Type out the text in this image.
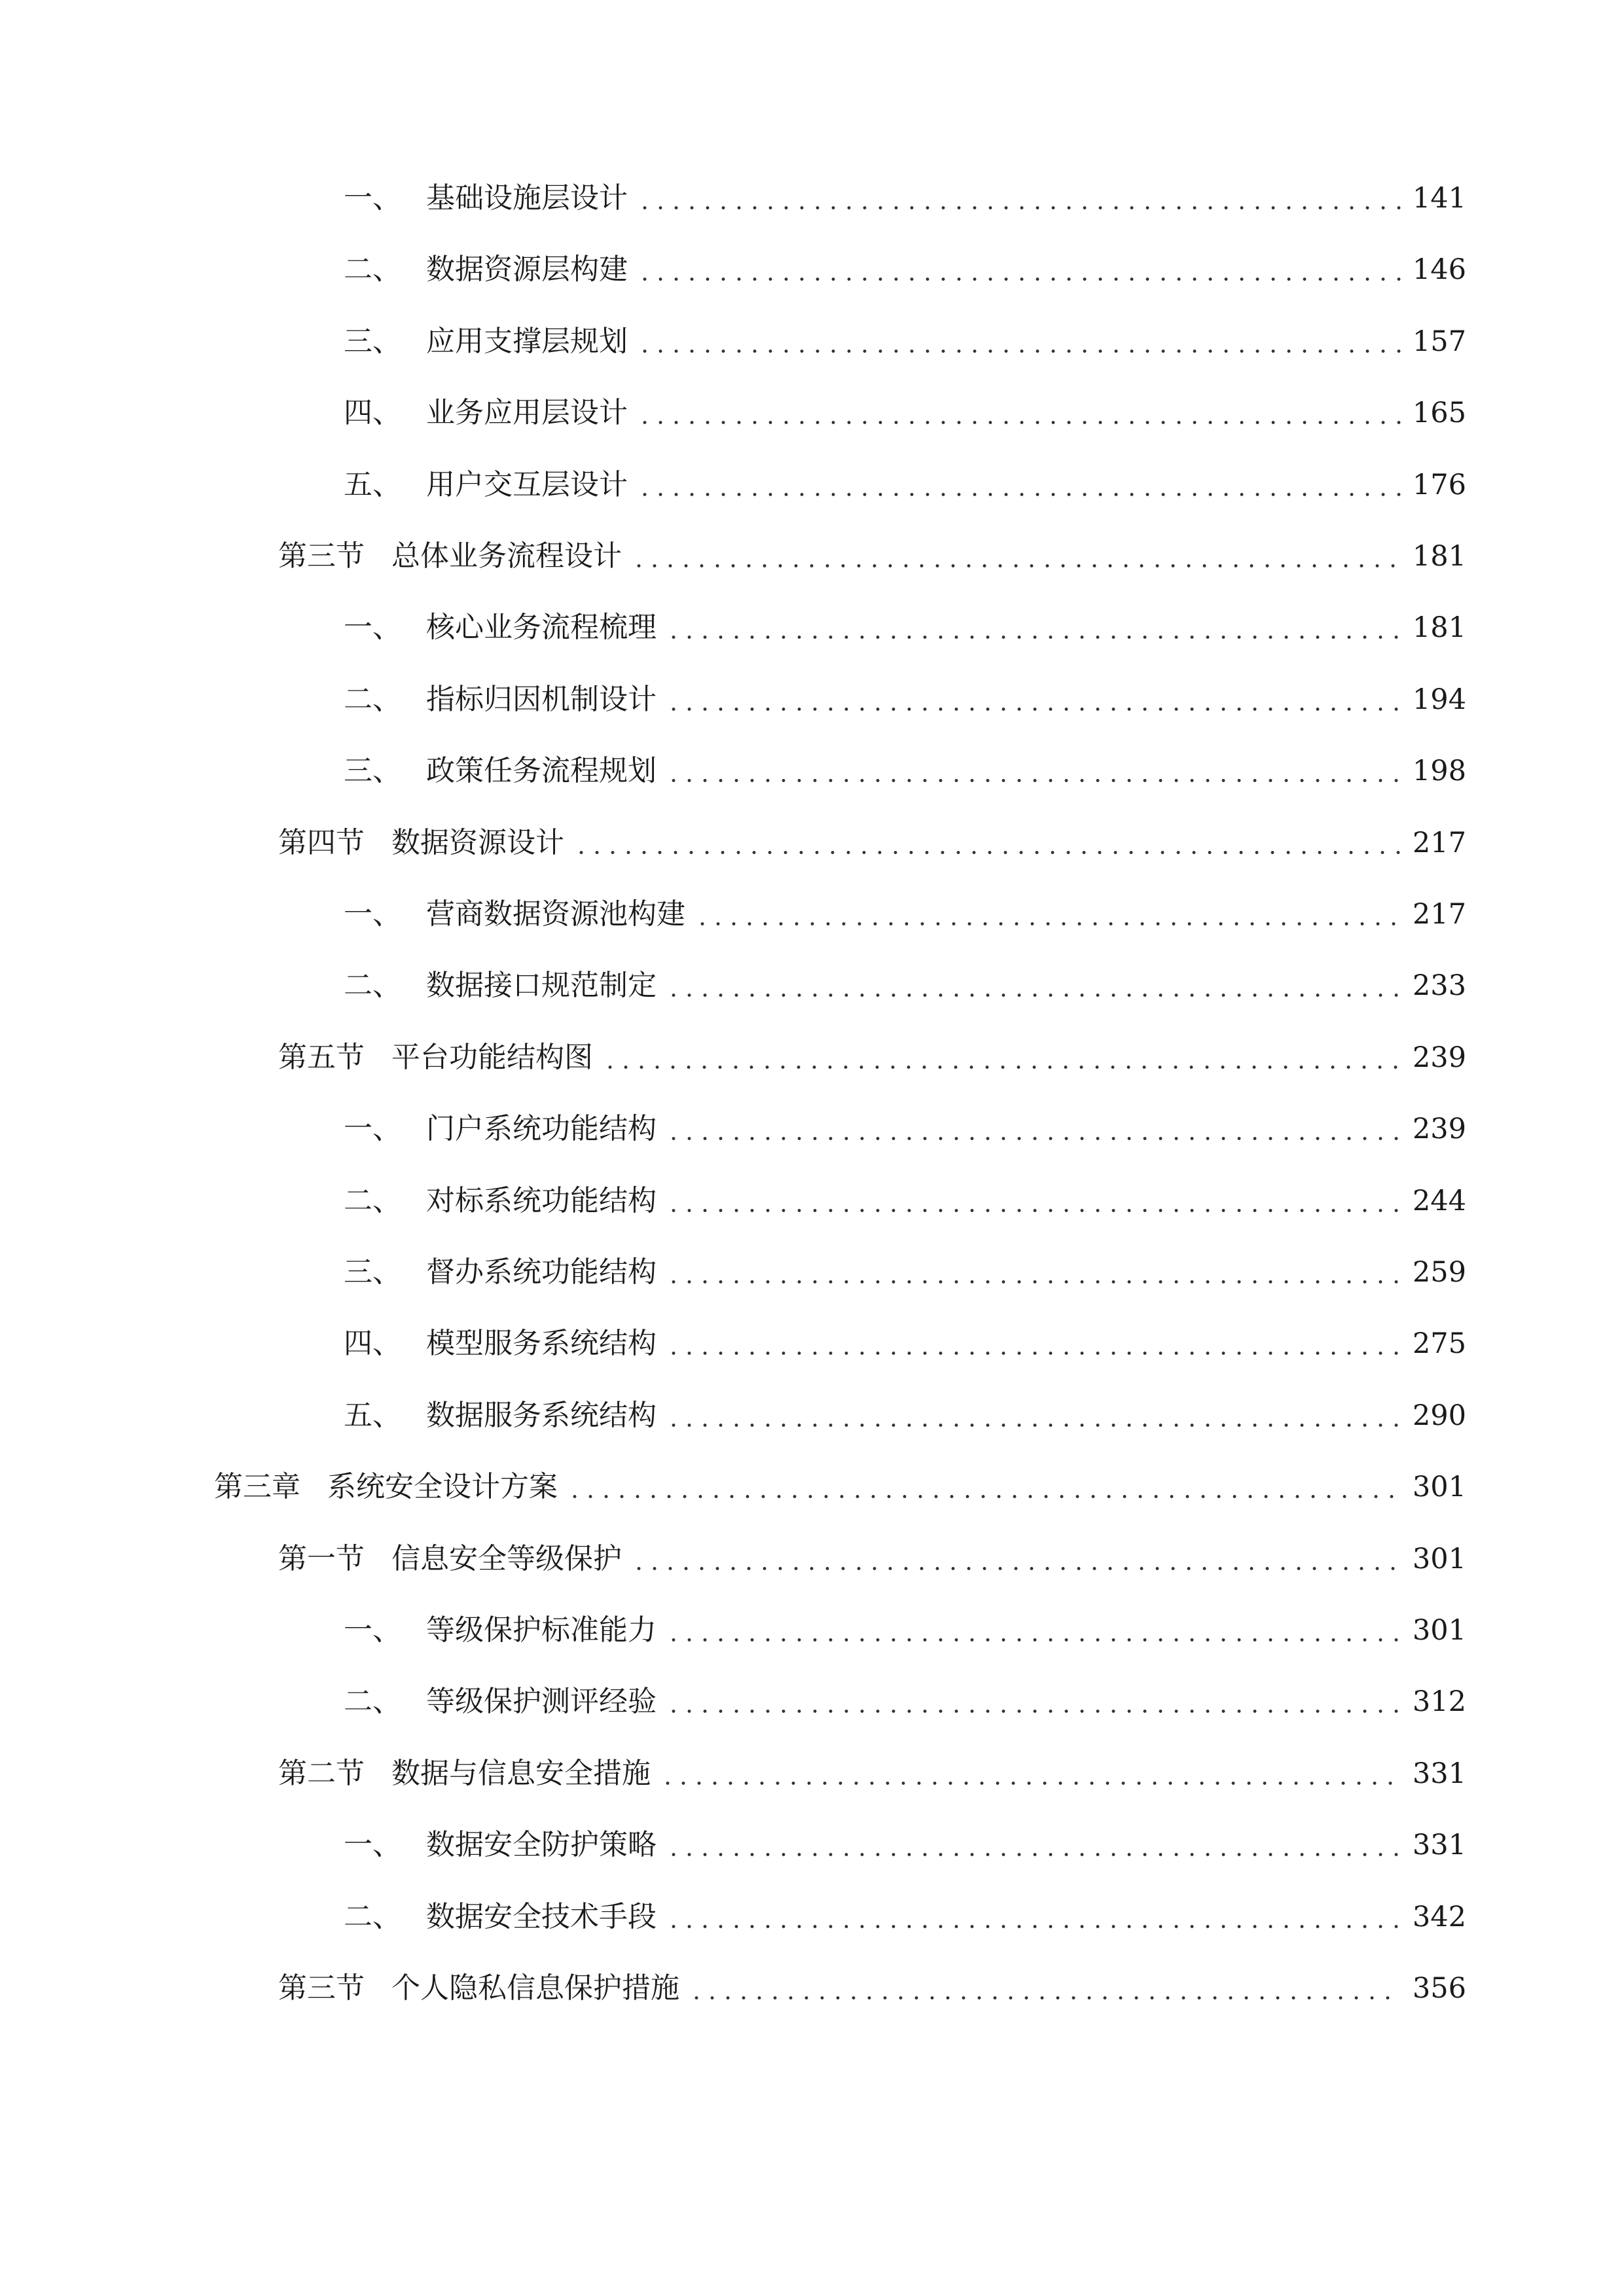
一、 基础设施层设计	141
二、 数据资源层构建	146
三、 应用支撑层规划	157
四、 业务应用层设计	165
五、 用户交互层设计	176
第三节 总体业务流程设计	181
一、 核心业务流程梳理	181
二、 指标归因机制设计	194
三、 政策任务流程规划	198
第四节 数据资源设计	217
一、 营商数据资源池构建	217
二、 数据接口规范制定	233
第五节 平台功能结构图	239
一、 门户系统功能结构	239
二、 对标系统功能结构	244
三、 督办系统功能结构	259
四、 模型服务系统结构	275
五、 数据服务系统结构	290
第三章 系统安全设计方案	301
第一节 信息安全等级保护	301
一、 等级保护标准能力	301
二、 等级保护测评经验	312
第二节 数据与信息安全措施	331
一、 数据安全防护策略	331
二、 数据安全技术手段	342
第三节 个人隐私信息保护措施	356
